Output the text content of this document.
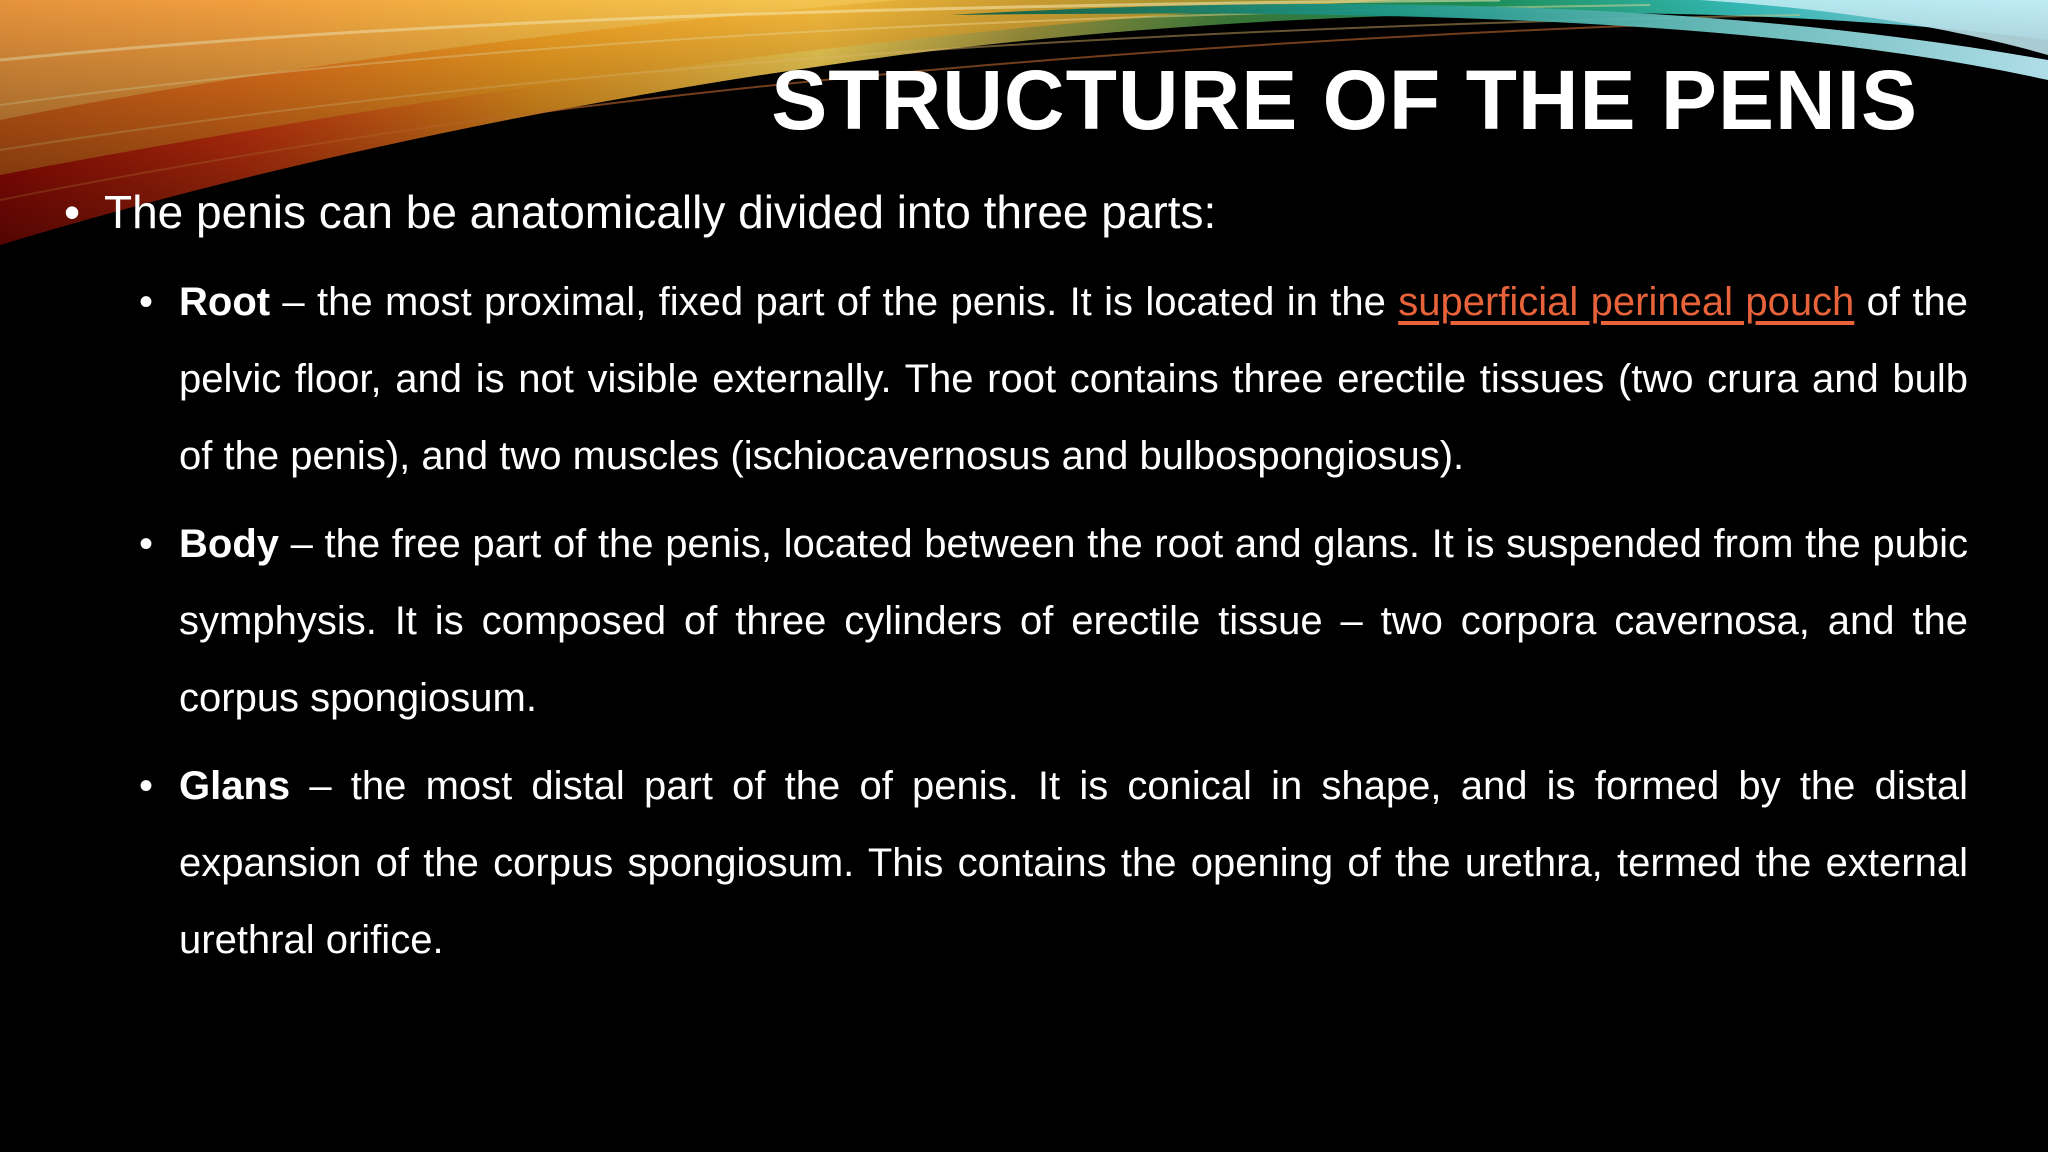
STRUCTURE OF THE PENIS
• The penis can be anatomically divided into three parts:
• Root – the most proximal, fixed part of the penis. It is located in the superficial perineal pouch of the pelvic floor, and is not visible externally. The root contains three erectile tissues (two crura and bulb of the penis), and two muscles (ischiocavernosus and bulbospongiosus).
• Body – the free part of the penis, located between the root and glans. It is suspended from the pubic symphysis. It is composed of three cylinders of erectile tissue – two corpora cavernosa, and the corpus spongiosum.
• Glans – the most distal part of the of penis. It is conical in shape, and is formed by the distal expansion of the corpus spongiosum. This contains the opening of the urethra, termed the external urethral orifice.
